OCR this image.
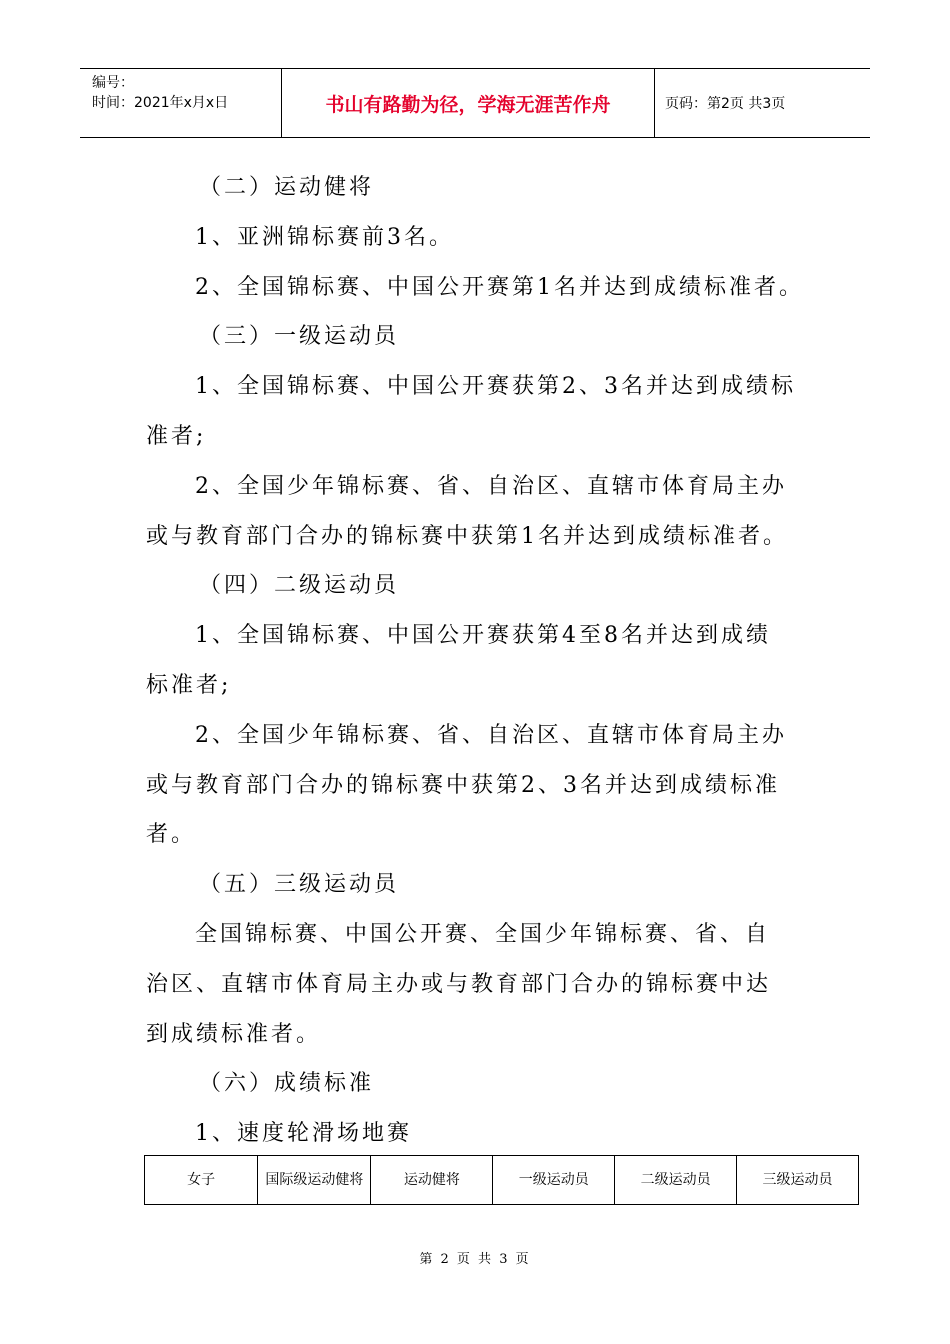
编号：
时间：2021年x月x日	书山有路勤为径，学海无涯苦作舟	页码：第2页 共3页
（二）运动健将
1、亚洲锦标赛前3名。
2、全国锦标赛、中国公开赛第1名并达到成绩标准者。
（三）一级运动员
1、全国锦标赛、中国公开赛获第2、3名并达到成绩标
准者;
2、全国少年锦标赛、省、自治区、直辖市体育局主办
或与教育部门合办的锦标赛中获第1名并达到成绩标准者。
（四）二级运动员
1、全国锦标赛、中国公开赛获第4至8名并达到成绩
标准者;
2、全国少年锦标赛、省、自治区、直辖市体育局主办
或与教育部门合办的锦标赛中获第2、3名并达到成绩标准
者。
（五）三级运动员
全国锦标赛、中国公开赛、全国少年锦标赛、省、自
治区、直辖市体育局主办或与教育部门合办的锦标赛中达
到成绩标准者。
（六）成绩标准
1、速度轮滑场地赛
女子	国际级运动健将	运动健将	一级运动员	二级运动员	三级运动员
第 2 页 共 3 页
